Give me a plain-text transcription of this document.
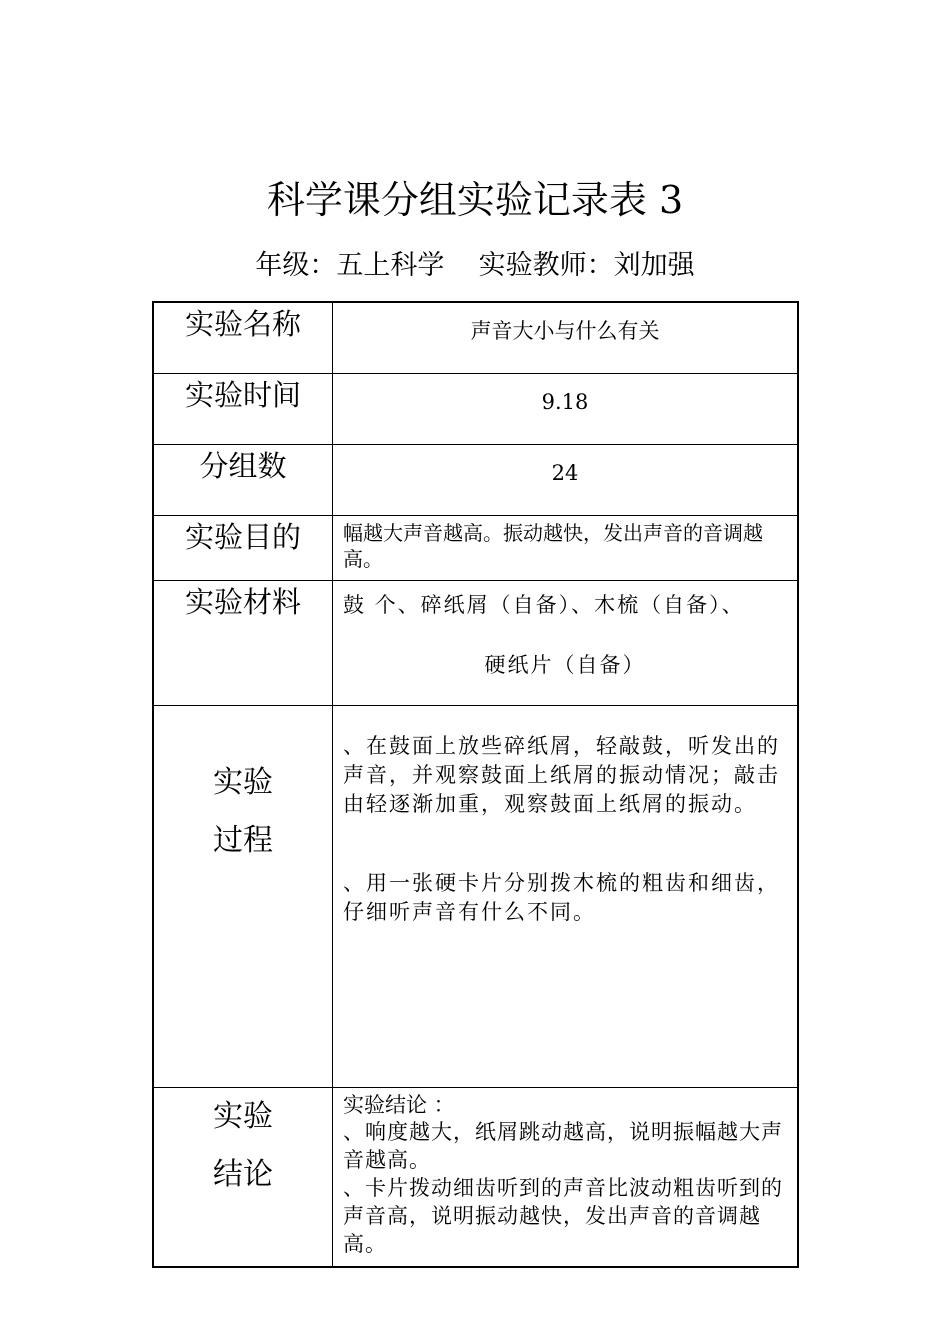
科学课分组实验记录表 3
年级：五上科学    实验教师：刘加强
实验名称	声音大小与什么有关
实验时间	9.18
分组数	24
实验目的	幅越大声音越高。振动越快，发出声音的音调越高。
实验材料	鼓 个、碎纸屑（自备）、木梳（自备）、
硬纸片（自备）

实验
过程	、在鼓面上放些碎纸屑，轻敲鼓，听发出的声音，并观察鼓面上纸屑的振动情况；敲击由轻逐渐加重，观察鼓面上纸屑的振动。
、用一张硬卡片分别拨木梳的粗齿和细齿，仔细听声音有什么不同。

实验
结论	实验结论 ：
、响度越大，纸屑跳动越高，说明振幅越大声音越高。
、卡片拨动细齿听到的声音比波动粗齿听到的声音高，说明振动越快，发出声音的音调越高。
